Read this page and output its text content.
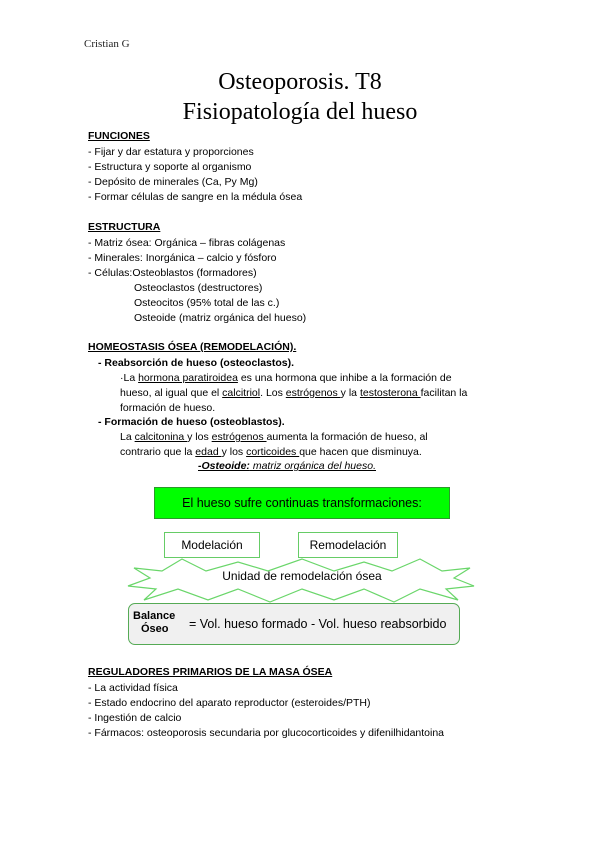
Cristian G
Osteoporosis. T8
Fisiopatología del hueso
FUNCIONES
- Fijar y dar estatura y proporciones
- Estructura y soporte al organismo
- Depósito de minerales (Ca, Py Mg)
- Formar células de sangre en la médula ósea
ESTRUCTURA
- Matriz ósea: Orgánica – fibras colágenas
- Minerales: Inorgánica – calcio y fósforo
- Células:Osteoblastos (formadores)
Osteoclastos (destructores)
Osteocitos (95% total de las c.)
Osteoide (matriz orgánica del hueso)
HOMEOSTASIS ÓSEA (REMODELACIÓN).
- Reabsorción de hueso (osteoclastos).
·La hormona paratiroidea es una hormona que inhibe a la formación de
hueso, al igual que el calcitriol. Los estrógenos y la testosterona facilitan la
formación de hueso.
- Formación de hueso (osteoblastos).
La calcitonina y los estrógenos aumenta la formación de hueso, al
contrario que la edad y los corticoides que hacen que disminuya.
-Osteoide: matriz orgánica del hueso.
El hueso sufre continuas transformaciones:
Modelación	Remodelación
Unidad de remodelación ósea
Balance
Óseo	= Vol. hueso formado - Vol. hueso reabsorbido
REGULADORES PRIMARIOS DE LA MASA ÓSEA
- La actividad física
- Estado endocrino del aparato reproductor (esteroides/PTH)
- Ingestión de calcio
- Fármacos: osteoporosis secundaria por glucocorticoides y difenilhidantoina
